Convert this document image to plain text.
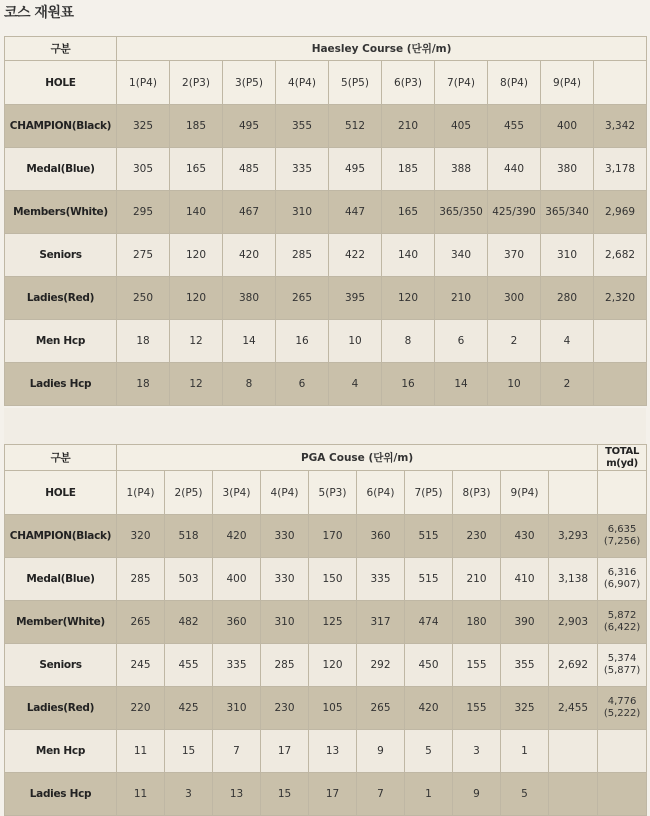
코스 재원표
구분	Haesley Course (단위/m)									
HOLE	1(P4)	2(P3)	3(P5)	4(P4)	5(P5)	6(P3)	7(P4)	8(P4)	9(P4)	
CHAMPION(Black)	325	185	495	355	512	210	405	455	400	3,342
Medal(Blue)	305	165	485	335	495	185	388	440	380	3,178
Members(White)	295	140	467	310	447	165	365/350	425/390	365/340	2,969
Seniors	275	120	420	285	422	140	340	370	310	2,682
Ladies(Red)	250	120	380	265	395	120	210	300	280	2,320
Men Hcp	18	12	14	16	10	8	6	2	4	
Ladies Hcp	18	12	8	6	4	16	14	10	2	
구분	PGA Couse (단위/m)										TOTAL
m(yd)

HOLE	1(P4)	2(P5)	3(P4)	4(P4)	5(P3)	6(P4)	7(P5)	8(P3)	9(P4)		
CHAMPION(Black)	320	518	420	330	170	360	515	230	430	3,293	6,635
(7,256)

Medal(Blue)	285	503	400	330	150	335	515	210	410	3,138	6,316
(6,907)

Member(White)	265	482	360	310	125	317	474	180	390	2,903	5,872
(6,422)

Seniors	245	455	335	285	120	292	450	155	355	2,692	5,374
(5,877)

Ladies(Red)	220	425	310	230	105	265	420	155	325	2,455	4,776
(5,222)

Men Hcp	11	15	7	17	13	9	5	3	1		

Ladies Hcp	11	3	13	15	17	7	1	9	5		
